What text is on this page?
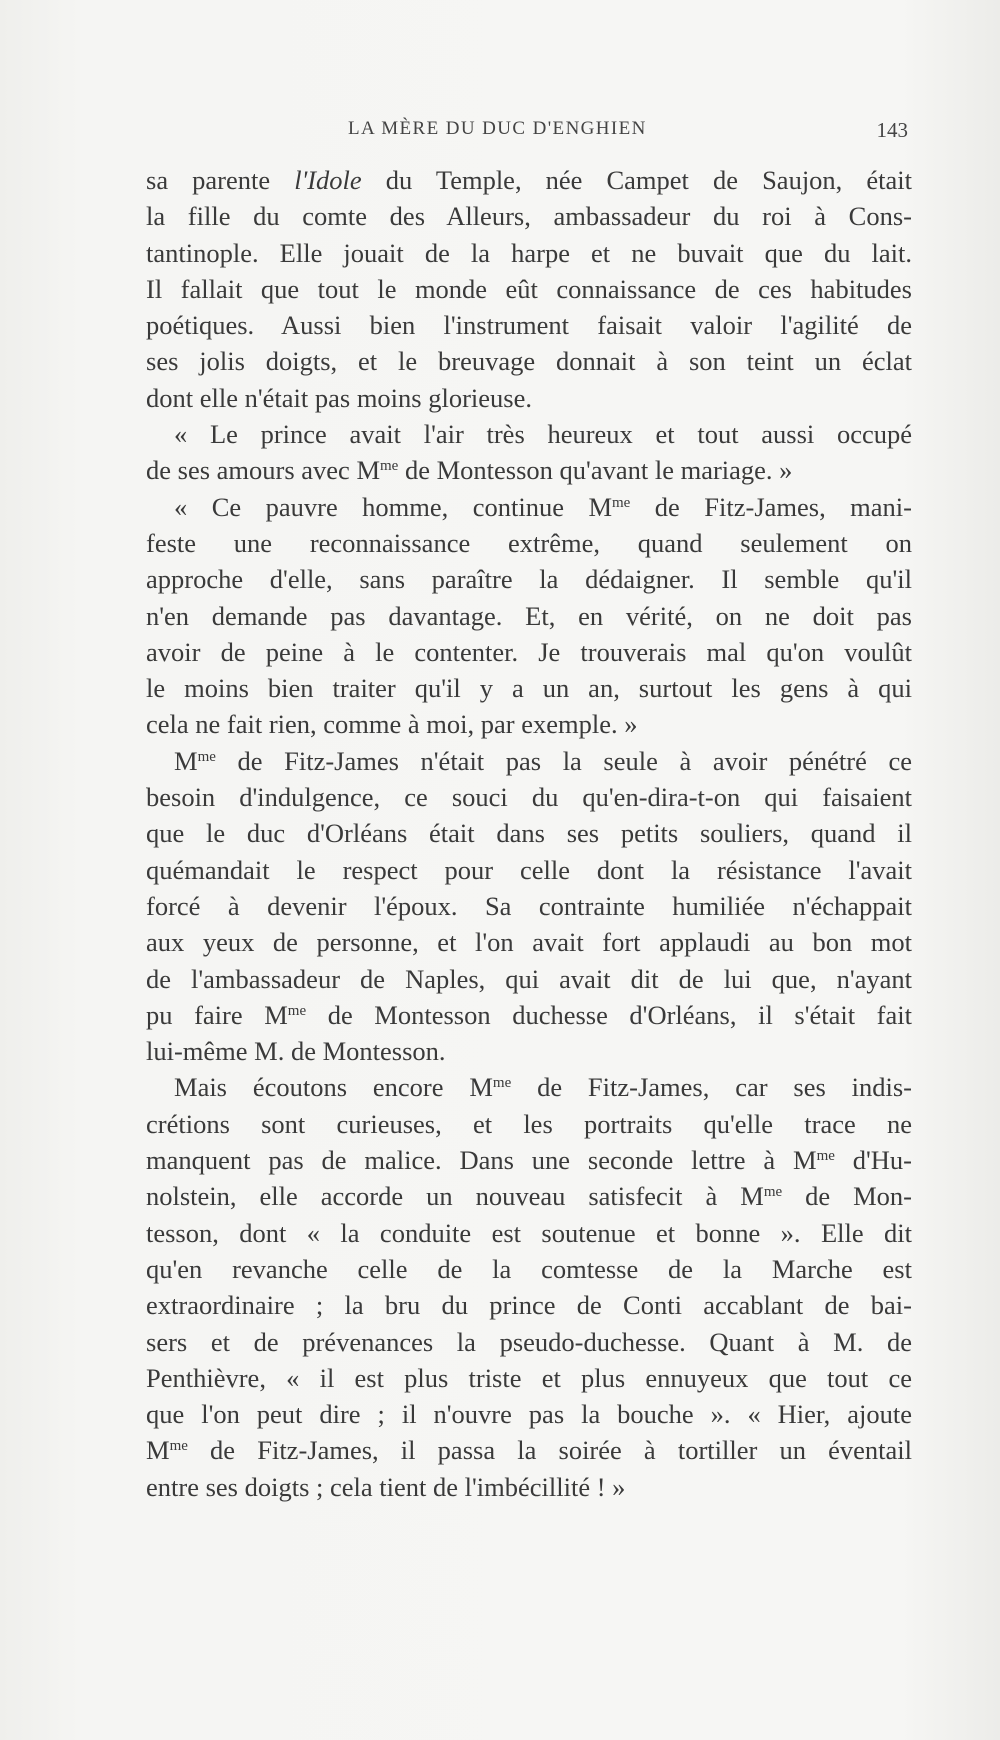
LA MÈRE DU DUC D'ENGHIEN	143
sa parente l'Idole du Temple, née Campet de Saujon, était
la fille du comte des Alleurs, ambassadeur du roi à Cons-
tantinople. Elle jouait de la harpe et ne buvait que du lait.
Il fallait que tout le monde eût connaissance de ces habitudes
poétiques. Aussi bien l'instrument faisait valoir l'agilité de
ses jolis doigts, et le breuvage donnait à son teint un éclat
dont elle n'était pas moins glorieuse.
« Le prince avait l'air très heureux et tout aussi occupé
de ses amours avec $M^{me}$ de Montesson qu'avant le mariage. »
« Ce pauvre homme, continue $M^{me}$ de Fitz-James, mani-
feste une reconnaissance extrême, quand seulement on
approche d'elle, sans paraître la dédaigner. Il semble qu'il
n'en demande pas davantage. Et, en vérité, on ne doit pas
avoir de peine à le contenter. Je trouverais mal qu'on voulût
le moins bien traiter qu'il y a un an, surtout les gens à qui
cela ne fait rien, comme à moi, par exemple. »
$M^{me}$ de Fitz-James n'était pas la seule à avoir pénétré ce
besoin d'indulgence, ce souci du qu'en-dira-t-on qui faisaient
que le duc d'Orléans était dans ses petits souliers, quand il
quémandait le respect pour celle dont la résistance l'avait
forcé à devenir l'époux. Sa contrainte humiliée n'échappait
aux yeux de personne, et l'on avait fort applaudi au bon mot
de l'ambassadeur de Naples, qui avait dit de lui que, n'ayant
pu faire $M^{me}$ de Montesson duchesse d'Orléans, il s'était fait
lui-même M. de Montesson.
Mais écoutons encore $M^{me}$ de Fitz-James, car ses indis-
crétions sont curieuses, et les portraits qu'elle trace ne
manquent pas de malice. Dans une seconde lettre à $M^{me}$ d'Hu-
nolstein, elle accorde un nouveau satisfecit à $M^{me}$ de Mon-
tesson, dont « la conduite est soutenue et bonne ». Elle dit
qu'en revanche celle de la comtesse de la Marche est
extraordinaire ; la bru du prince de Conti accablant de bai-
sers et de prévenances la pseudo-duchesse. Quant à M. de
Penthièvre, « il est plus triste et plus ennuyeux que tout ce
que l'on peut dire ; il n'ouvre pas la bouche ». « Hier, ajoute
$M^{me}$ de Fitz-James, il passa la soirée à tortiller un éventail
entre ses doigts ; cela tient de l'imbécillité ! »
